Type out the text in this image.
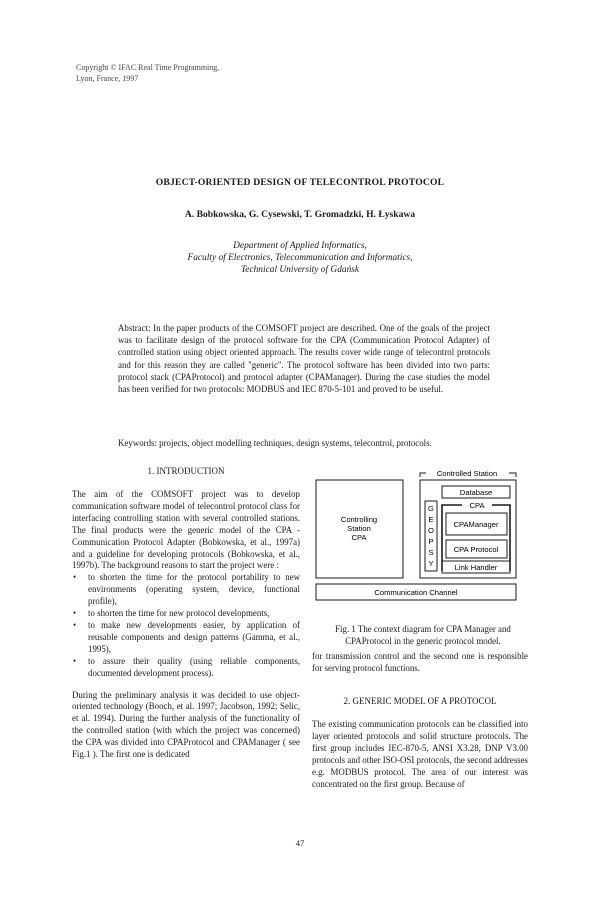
Copyright © IFAC Real Time Programming,
Lyon, France, 1997
OBJECT-ORIENTED DESIGN OF TELECONTROL PROTOCOL
A. Bobkowska, G. Cysewski, T. Gromadzki, H. Łyskawa
Department of Applied Informatics,
Faculty of Electronics, Telecommunication and Informatics,
Technical University of Gdańsk
Abstract: In the paper products of the COMSOFT project are described. One of the goals of the project was to facilitate design of the protocol software for the CPA (Communication Protocol Adapter) of controlled station using object oriented approach. The results cover wide range of telecontrol protocols and for this reason they are called "generic". The protocol software has been divided into two parts: protocol stack (CPAProtocol) and protocol adapter (CPAManager). During the case studies the model has been verified for two protocols: MODBUS and IEC 870-5-101 and proved to be useful.
Keywords: projects, object modelling techniques, design systems, telecontrol, protocols.
1. INTRODUCTION

The aim of the COMSOFT project was to develop communication software model of telecontrol protocol class for interfacing controlling station with several controlled stations. The final products were the generic model of the CPA - Communication Protocol Adapter (Bobkowska, et al., 1997a) and a guideline for developing protocols (Bobkowska, et al., 1997b). The background reasons to start the project were :

• to shorten the time for the protocol portability to new environments (operating system, device, functional profile),
• to shorten the time for new protocol developments,
• to make new developments easier, by application of reusable components and design patterns (Gamma, et al., 1995),
• to assure their quality (using reliable components, documented development process).

During the preliminary analysis it was decided to use object-oriented technology (Booch, et al. 1997; Jacobson, 1992; Selic, et al. 1994). During the further analysis of the functionality of the controlled station (with which the project was concerned) the CPA was divided into CPAProtocol and CPAManager ( see Fig.1 ). The first one is dedicated

Controlled Station
Controlling
Station
CPA
G
E
O
P
S
Y
Database
CPA
CPAManager
CPA Protocol
Link Handler
Communication Channel
Fig. 1 The context diagram for CPA Manager and
CPAProtocol in the generic protocol model.
for transmission control and the second one is responsible for serving protocol functions.
2. GENERIC MODEL OF A PROTOCOL
The existing communication protocols can be classified into layer oriented protocols and solid structure protocols. The first group includes IEC-870-5, ANSI X3.28, DNP V3.00 protocols and other ISO-OSI protocols, the second addresses e.g. MODBUS protocol. The area of our interest was concentrated on the first group. Because of
47
